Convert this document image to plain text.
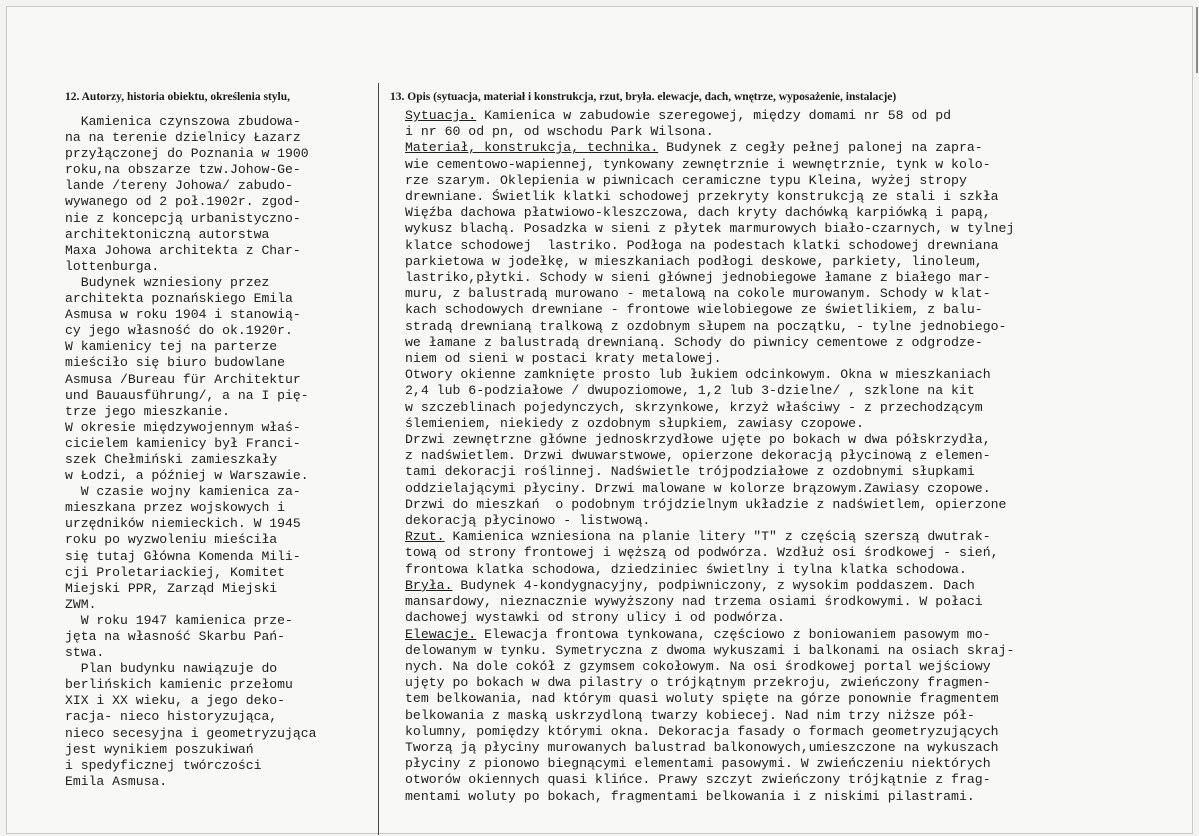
12. Autorzy, historia obiektu, określenia stylu,	13. Opis (sytuacja, materiał i konstrukcja, rzut, bryła. elewacje, dach, wnętrze, wyposażenie, instalacje)
Kamienica czynszowa zbudowa-
na na terenie dzielnicy Łazarz
przyłączonej do Poznania w 1900
roku,na obszarze tzw.Johow-Ge-
lande /tereny Johowa/ zabudo-
wywanego od 2 poł.1902r. zgod-
nie z koncepcją urbanistyczno-
architektoniczną autorstwa
Maxa Johowa architekta z Char-
lottenburga.
Budynek wzniesiony przez
architekta poznańskiego Emila
Asmusa w roku 1904 i stanowią-
cy jego własność do ok.1920r.
W kamienicy tej na parterze
mieściło się biuro budowlane
Asmusa /Bureau für Architektur
und Bauausführung/, a na I pię-
trze jego mieszkanie.
W okresie międzywojennym właś-
cicielem kamienicy był Franci-
szek Chełmiński zamieszkały
w Łodzi, a później w Warszawie.
W czasie wojny kamienica za-
mieszkana przez wojskowych i
urzędników niemieckich. W 1945
roku po wyzwoleniu mieściła
się tutaj Główna Komenda Mili-
cji Proletariackiej, Komitet
Miejski PPR, Zarząd Miejski
ZWM.
W roku 1947 kamienica prze-
jęta na własność Skarbu Pań-
stwa.
Plan budynku nawiązuje do
berlińskich kamienic przełomu
XIX i XX wieku, a jego deko-
racja- nieco historyzująca,
nieco secesyjna i geometryzująca
jest wynikiem poszukiwań
i spedyficznej twórczości
Emila Asmusa.
Sytuacja. Kamienica w zabudowie szeregowej, między domami nr 58 od pd
i nr 60 od pn, od wschodu Park Wilsona.
Materiał, konstrukcja, technika. Budynek z cegły pełnej palonej na zapra-
wie cementowo-wapiennej, tynkowany zewnętrznie i wewnętrznie, tynk w kolo-
rze szarym. Oklepienia w piwnicach ceramiczne typu Kleina, wyżej stropy
drewniane. Świetlik klatki schodowej przekryty konstrukcją ze stali i szkła
Więźba dachowa płatwiowo-kleszczowa, dach kryty dachówką karpiówką i papą,
wykusz blachą. Posadzka w sieni z płytek marmurowych biało-czarnych, w tylnej
klatce schodowej  lastriko. Podłoga na podestach klatki schodowej drewniana
parkietowa w jodełkę, w mieszkaniach podłogi deskowe, parkiety, linoleum,
lastriko,płytki. Schody w sieni głównej jednobiegowe łamane z białego mar-
muru, z balustradą murowano - metalową na cokole murowanym. Schody w klat-
kach schodowych drewniane - frontowe wielobiegowe ze świetlikiem, z balu-
stradą drewnianą tralkową z ozdobnym słupem na początku, - tylne jednobiego-
we łamane z balustradą drewnianą. Schody do piwnicy cementowe z odgrodze-
niem od sieni w postaci kraty metalowej.
Otwory okienne zamknięte prosto lub łukiem odcinkowym. Okna w mieszkaniach
2,4 lub 6-podziałowe / dwupoziomowe, 1,2 lub 3-dzielne/ , szklone na kit
w szczeblinach pojedynczych, skrzynkowe, krzyż właściwy - z przechodzącym
ślemieniem, niekiedy z ozdobnym słupkiem, zawiasy czopowe.
Drzwi zewnętrzne główne jednoskrzydłowe ujęte po bokach w dwa półskrzydła,
z nadświetlem. Drzwi dwuwarstwowe, opierzone dekoracją płycinową z elemen-
tami dekoracji roślinnej. Nadświetle trójpodziałowe z ozdobnymi słupkami
oddzielającymi płyciny. Drzwi malowane w kolorze brązowym.Zawiasy czopowe.
Drzwi do mieszkań  o podobnym trójdzielnym układzie z nadświetlem, opierzone
dekoracją płycinowo - listwową.
Rzut. Kamienica wzniesiona na planie litery "T" z częścią szerszą dwutrak-
tową od strony frontowej i węższą od podwórza. Wzdłuż osi środkowej - sień,
frontowa klatka schodowa, dziedziniec świetlny i tylna klatka schodowa.
Bryła. Budynek 4-kondygnacyjny, podpiwniczony, z wysokim poddaszem. Dach
mansardowy, nieznacznie wywyższony nad trzema osiami środkowymi. W połaci
dachowej wystawki od strony ulicy i od podwórza.
Elewacje. Elewacja frontowa tynkowana, częściowo z boniowaniem pasowym mo-
delowanym w tynku. Symetryczna z dwoma wykuszami i balkonami na osiach skraj-
nych. Na dole cokół z gzymsem cokołowym. Na osi środkowej portal wejściowy
ujęty po bokach w dwa pilastry o trójkątnym przekroju, zwieńczony fragmen-
tem belkowania, nad którym quasi woluty spięte na górze ponownie fragmentem
belkowania z maską uskrzydloną twarzy kobiecej. Nad nim trzy niższe pół-
kolumny, pomiędzy którymi okna. Dekoracja fasady o formach geometryzujących
Tworzą ją płyciny murowanych balustrad balkonowych,umieszczone na wykuszach
płyciny z pionowo biegnącymi elementami pasowymi. W zwieńczeniu niektórych
otworów okiennych quasi klińce. Prawy szczyt zwieńczony trójkątnie z frag-
mentami woluty po bokach, fragmentami belkowania i z niskimi pilastrami.
